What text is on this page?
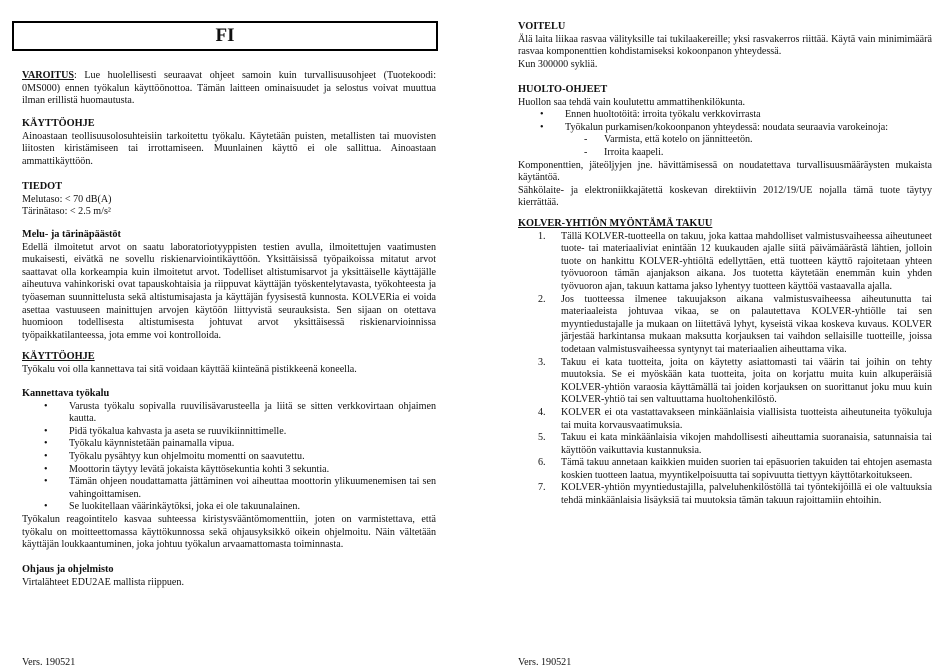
FI

VAROITUS: Lue huolellisesti seuraavat ohjeet samoin kuin turvallisuusohjeet (Tuotekoodi: 0MS000) ennen työkalun käyttöönottoa. Tämän laitteen ominaisuudet ja selostus voivat muuttua ilman erillistä huomautusta.

KÄYTTÖOHJE

Ainoastaan teollisuusolosuhteisiin tarkoitettu työkalu. Käytetään puisten, metallisten tai muovisten liitosten kiristämiseen tai irrottamiseen. Muunlainen käyttö ei ole sallittua. Ainoastaan ammattikäyttöön.

TIEDOT

Melutaso: < 70 dB(A)

Tärinätaso: < 2.5 m/s²

Melu- ja tärinäpäästöt

Edellä ilmoitetut arvot on saatu laboratoriotyyppisten testien avulla, ilmoitettujen vaatimusten mukaisesti, eivätkä ne sovellu riskienarviointikäyttöön. Yksittäisissä työpaikoissa mitatut arvot saattavat olla korkeampia kuin ilmoitetut arvot. Todelliset altistumisarvot ja yksittäiselle käyttäjälle aiheutuva vahinkoriski ovat tapauskohtaisia ja riippuvat käyttäjän työskentelytavasta, työkohteesta ja työaseman suunnittelusta sekä altistumisajasta ja käyttäjän fyysisestä kunnosta. KOLVERia ei voida asettaa vastuuseen mainittujen arvojen käytöön liittyvistä seurauksista. Sen sijaan on otettava huomioon todellisesta altistumisesta johtuvat arvot yksittäisessä riskienarvioinnissa työpaikkatilanteessa, jota emme voi kontrolloida.

KÄYTTÖOHJE

Työkalu voi olla kannettava tai sitä voidaan käyttää kiinteänä pistikkeenä koneella.

Kannettava työkalu
• Varusta työkalu sopivalla ruuvilisävarusteella ja liitä se sitten verkkovirtaan ohjaimen kautta.
• Pidä työkalua kahvasta ja aseta se ruuvikiinnittimelle.
• Työkalu käynnistetään painamalla vipua.
• Työkalu pysähtyy kun ohjelmoitu momentti on saavutettu.
• Moottorin täytyy levätä jokaista käyttösekuntia kohti 3 sekuntia.
• Tämän ohjeen noudattamatta jättäminen voi aiheuttaa moottorin ylikuumenemisen tai sen vahingoittamisen.
• Se luokitellaan väärinkäytöksi, joka ei ole takuunalainen.

Työkalun reagointitelo kasvaa suhteessa kiristysvääntömomenttiin, joten on varmistettava, että työkalu on moitteettomassa käyttökunnossa sekä ohjausyksikkö oikein ohjelmoitu. Näin vältetään käyttäjän loukkaantuminen, joka johtuu työkalun arvaamattomasta toiminnasta.

Ohjaus ja ohjelmisto

Virtalähteet EDU2AE mallista riippuen.

Vers. 190521
VOITELU

Älä laita liikaa rasvaa välityksille tai tukilaakereille; yksi rasvakerros riittää. Käytä vain minimimäärä rasvaa komponenttien kohdistamiseksi kokoonpanon yhteydessä.

Kun 300000 sykliä.

HUOLTO-OHJEET

Huollon saa tehdä vain koulutettu ammattihenkilökunta.

• Ennen huoltotöitä: irroita työkalu verkkovirrasta
• Työkalun purkamisen/kokoonpanon yhteydessä: noudata seuraavia varokeinoja:
- Varmista, että kotelo on jännitteetön.
- Irroita kaapeli.

Komponenttien, jäteöljyjen jne. hävittämisessä on noudatettava turvallisuusmääräysten mukaista käytäntöä.

Sähkölaite- ja elektroniikkajätettä koskevan direktiivin 2012/19/UE nojalla tämä tuote täytyy kierrättää.

KOLVER-YHTIÖN MYÖNTÄMÄ TAKUU
1. Tällä KOLVER-tuotteella on takuu, joka kattaa mahdolliset valmistusvaiheessa aiheutuneet tuote- tai materiaaliviat enintään 12 kuukauden ajalle siitä päivämäärästä lähtien, jolloin tuote on hankittu KOLVER-yhtiöltä edellyttäen, että tuotteen käyttö rajoitetaan yhteen työvuoroon tämän ajanjakson aikana. Jos tuotetta käytetään enemmän kuin yhden työvuoron ajan, takuun kattama jakso lyhentyy tuotteen käyttöä vastaavalla ajalla.
2. Jos tuotteessa ilmenee takuujakson aikana valmistusvaiheessa aiheutunutta tai materiaaleista johtuvaa vikaa, se on palautettava KOLVER-yhtiölle tai sen myyntiedustajalle ja mukaan on liitettävä lyhyt, kyseistä vikaa koskeva kuvaus. KOLVER järjestää harkintansa mukaan maksutta korjauksen tai vaihdon sellaisille tuotteille, joissa todetaan valmistusvaiheessa syntynyt tai materiaalien aiheuttama vika.
3. Takuu ei kata tuotteita, joita on käytetty asiattomasti tai väärin tai joihin on tehty muutoksia. Se ei myöskään kata tuotteita, joita on korjattu muita kuin alkuperäisiä KOLVER-yhtiön varaosia käyttämällä tai joiden korjauksen on suorittanut joku muu kuin KOLVER-yhtiö tai sen valtuuttama huoltohenkilöstö.
4. KOLVER ei ota vastattavakseen minkäänlaisia viallisista tuotteista aiheutuneita työkuluja tai muita korvausvaatimuksia.
5. Takuu ei kata minkäänlaisia vikojen mahdollisesti aiheuttamia suoranaisia, satunnaisia tai käyttöön vaikuttavia kustannuksia.
6. Tämä takuu annetaan kaikkien muiden suorien tai epäsuorien takuiden tai ehtojen asemasta koskien tuotteen laatua, myyntikelpoisuutta tai sopivuutta tiettyyn käyttötarkoitukseen.
7. KOLVER-yhtiön myyntiedustajilla, palveluhenkilöstöllä tai työntekijöillä ei ole valtuuksia tehdä minkäänlaisia lisäyksiä tai muutoksia tämän takuun rajoittamiin ehtoihin.
Vers. 190521
